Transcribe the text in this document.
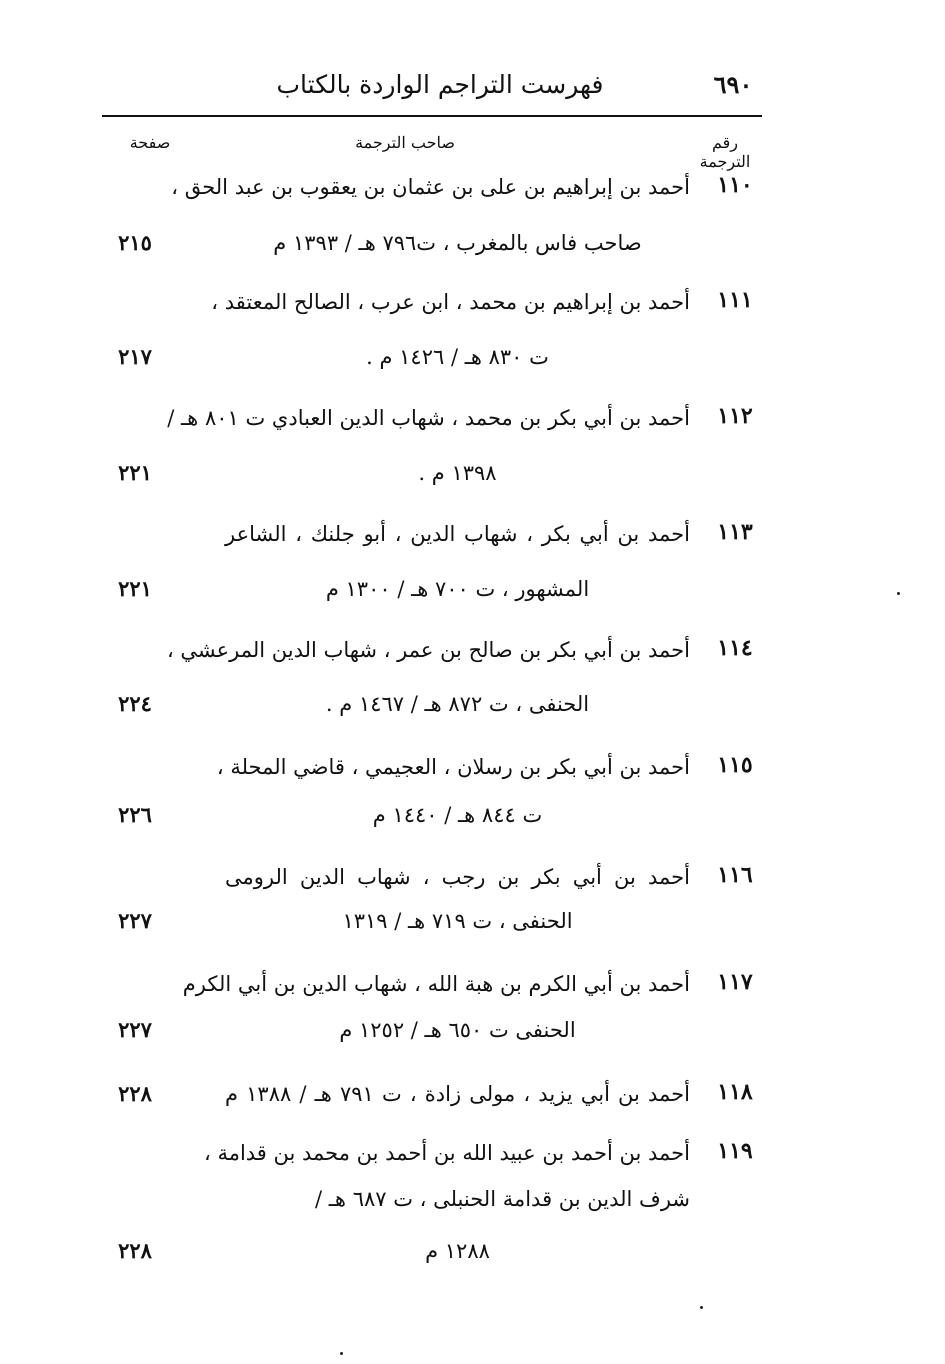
٦٩٠
فهرست التراجم الواردة بالكتاب
رقم الترجمة
صاحب الترجمة
صفحة
١١٠
أحمد بن إبراهيم بن على بن عثمان بن يعقوب بن عبد الحق ،
صاحب فاس بالمغرب ، ت٧٩٦ هـ / ١٣٩٣ م
٢١٥
١١١
أحمد بن إبراهيم بن محمد ، ابن عرب ، الصالح المعتقد ،
ت ٨٣٠ هـ / ١٤٢٦ م .
٢١٧
١١٢
أحمد بن أبي بكر بن محمد ، شهاب الدين العبادي ت ٨٠١ هـ /
١٣٩٨ م .
٢٢١
١١٣
أحمد بن أبي بكر ، شهاب الدين ، أبو جلنك ، الشاعر
المشهور ، ت ٧٠٠ هـ / ١٣٠٠ م
٢٢١
١١٤
أحمد بن أبي بكر بن صالح بن عمر ، شهاب الدين المرعشي ،
الحنفى ، ت ٨٧٢ هـ / ١٤٦٧ م .
٢٢٤
١١٥
أحمد بن أبي بكر بن رسلان ، العجيمي ، قاضي المحلة ،
ت ٨٤٤ هـ / ١٤٤٠ م
٢٢٦
١١٦
أحمد بن أبي بكر بن رجب ، شهاب الدين الرومى
الحنفى ، ت ٧١٩ هـ / ١٣١٩
٢٢٧
١١٧
أحمد بن أبي الكرم بن هبة الله ، شهاب الدين بن أبي الكرم
الحنفى ت ٦٥٠ هـ / ١٢٥٢ م
٢٢٧
١١٨
أحمد بن أبي يزيد ، مولى زادة ، ت ٧٩١ هـ / ١٣٨٨ م
٢٢٨
١١٩
أحمد بن أحمد بن عبيد الله بن أحمد بن محمد بن قدامة ،
شرف الدين بن قدامة الحنبلى ، ت ٦٨٧ هـ /
١٢٨٨ م
٢٢٨
